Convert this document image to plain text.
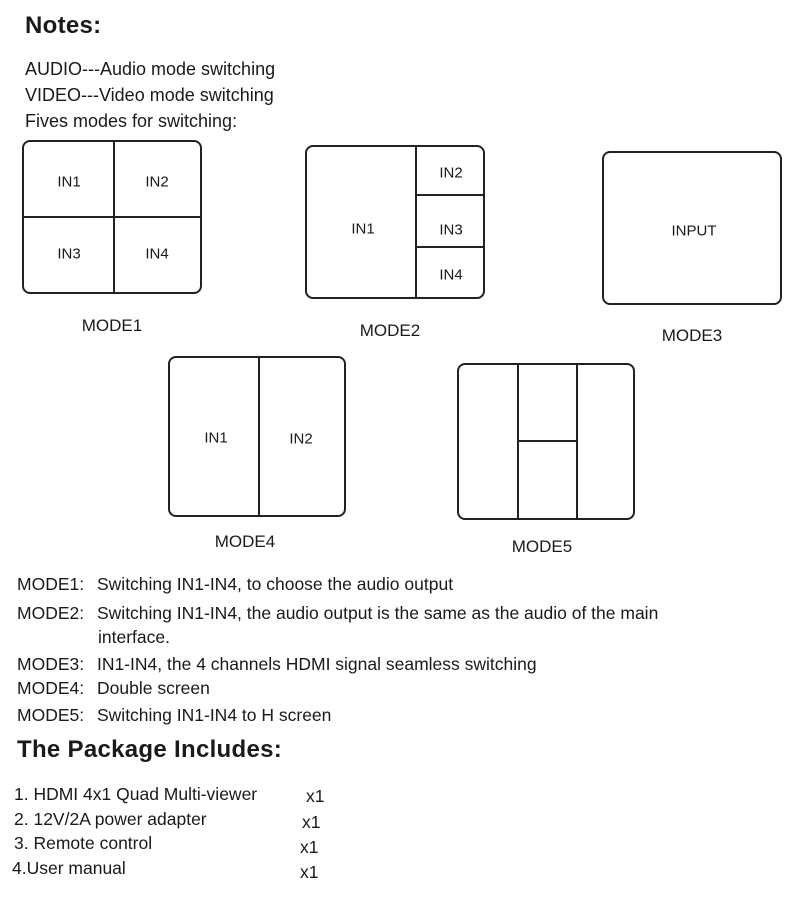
Notes:
AUDIO---Audio mode switching
VIDEO---Video mode switching
Fives modes for switching:
IN1	IN2
IN3	IN4
MODE1
IN1
IN2
IN3
IN4
MODE2
INPUT
MODE3
IN1	IN2
MODE4	MODE5
MODE1: Switching IN1-IN4, to choose the audio output
MODE2: Switching IN1-IN4, the audio output is the same as the audio of the main
interface.
MODE3: IN1-IN4, the 4 channels HDMI signal seamless switching
MODE4: Double screen
MODE5: Switching IN1-IN4 to H screen
The Package Includes:
1. HDMI 4x1 Quad Multi-viewer	x1
2. 12V/2A power adapter	x1
3. Remote control	x1
4.User manual	x1
